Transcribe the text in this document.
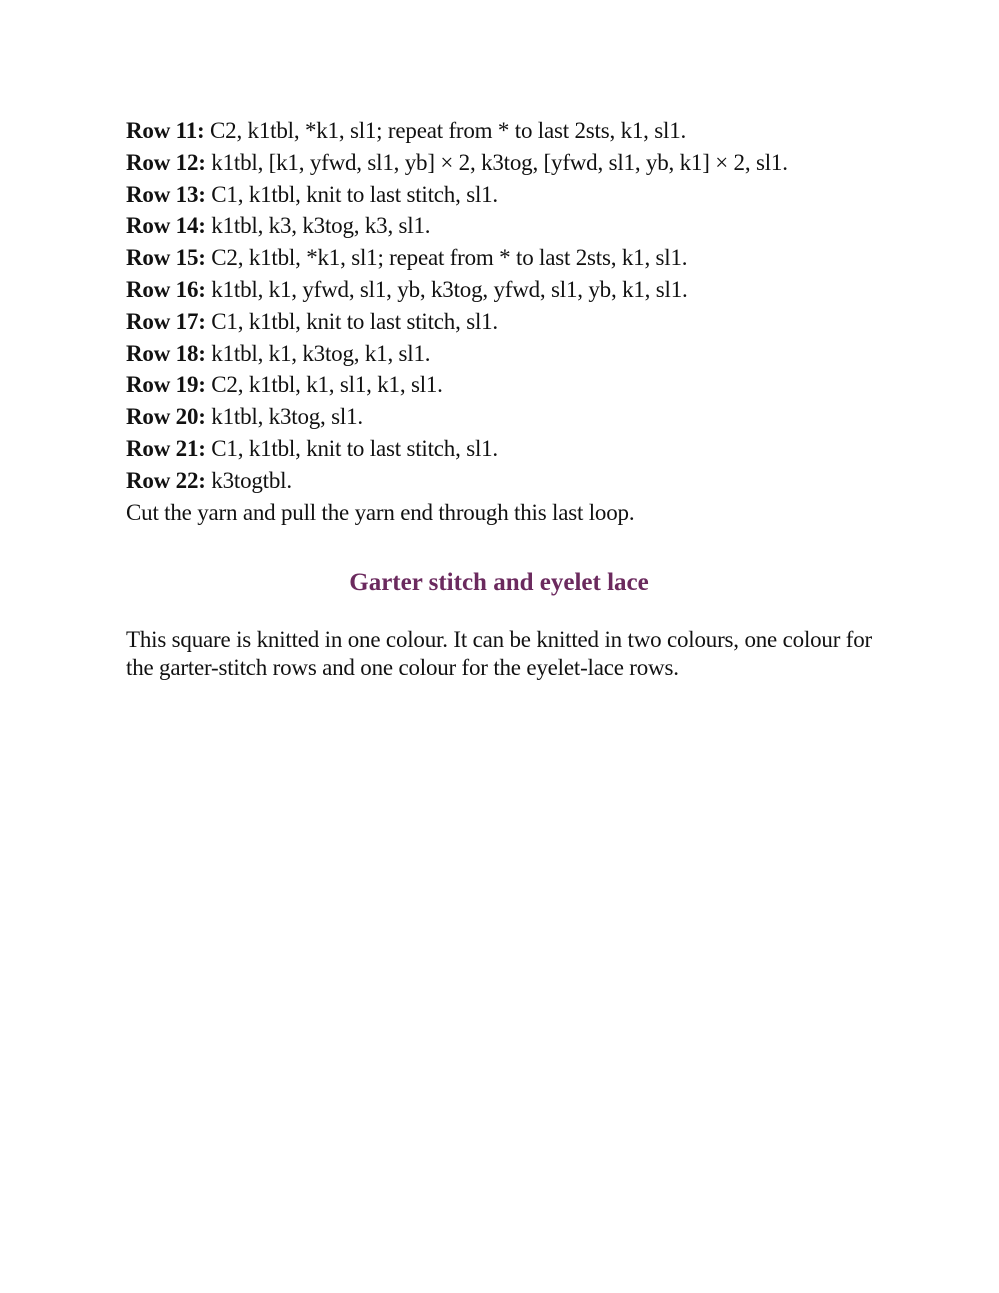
Row 11: C2, k1tbl, *k1, sl1; repeat from * to last 2sts, k1, sl1.
Row 12: k1tbl, [k1, yfwd, sl1, yb] × 2, k3tog, [yfwd, sl1, yb, k1] × 2, sl1.
Row 13: C1, k1tbl, knit to last stitch, sl1.
Row 14: k1tbl, k3, k3tog, k3, sl1.
Row 15: C2, k1tbl, *k1, sl1; repeat from * to last 2sts, k1, sl1.
Row 16: k1tbl, k1, yfwd, sl1, yb, k3tog, yfwd, sl1, yb, k1, sl1.
Row 17: C1, k1tbl, knit to last stitch, sl1.
Row 18: k1tbl, k1, k3tog, k1, sl1.
Row 19: C2, k1tbl, k1, sl1, k1, sl1.
Row 20: k1tbl, k3tog, sl1.
Row 21: C1, k1tbl, knit to last stitch, sl1.
Row 22: k3togtbl.
Cut the yarn and pull the yarn end through this last loop.
Garter stitch and eyelet lace

This square is knitted in one colour. It can be knitted in two colours, one colour for the garter-stitch rows and one colour for the eyelet-lace rows.
